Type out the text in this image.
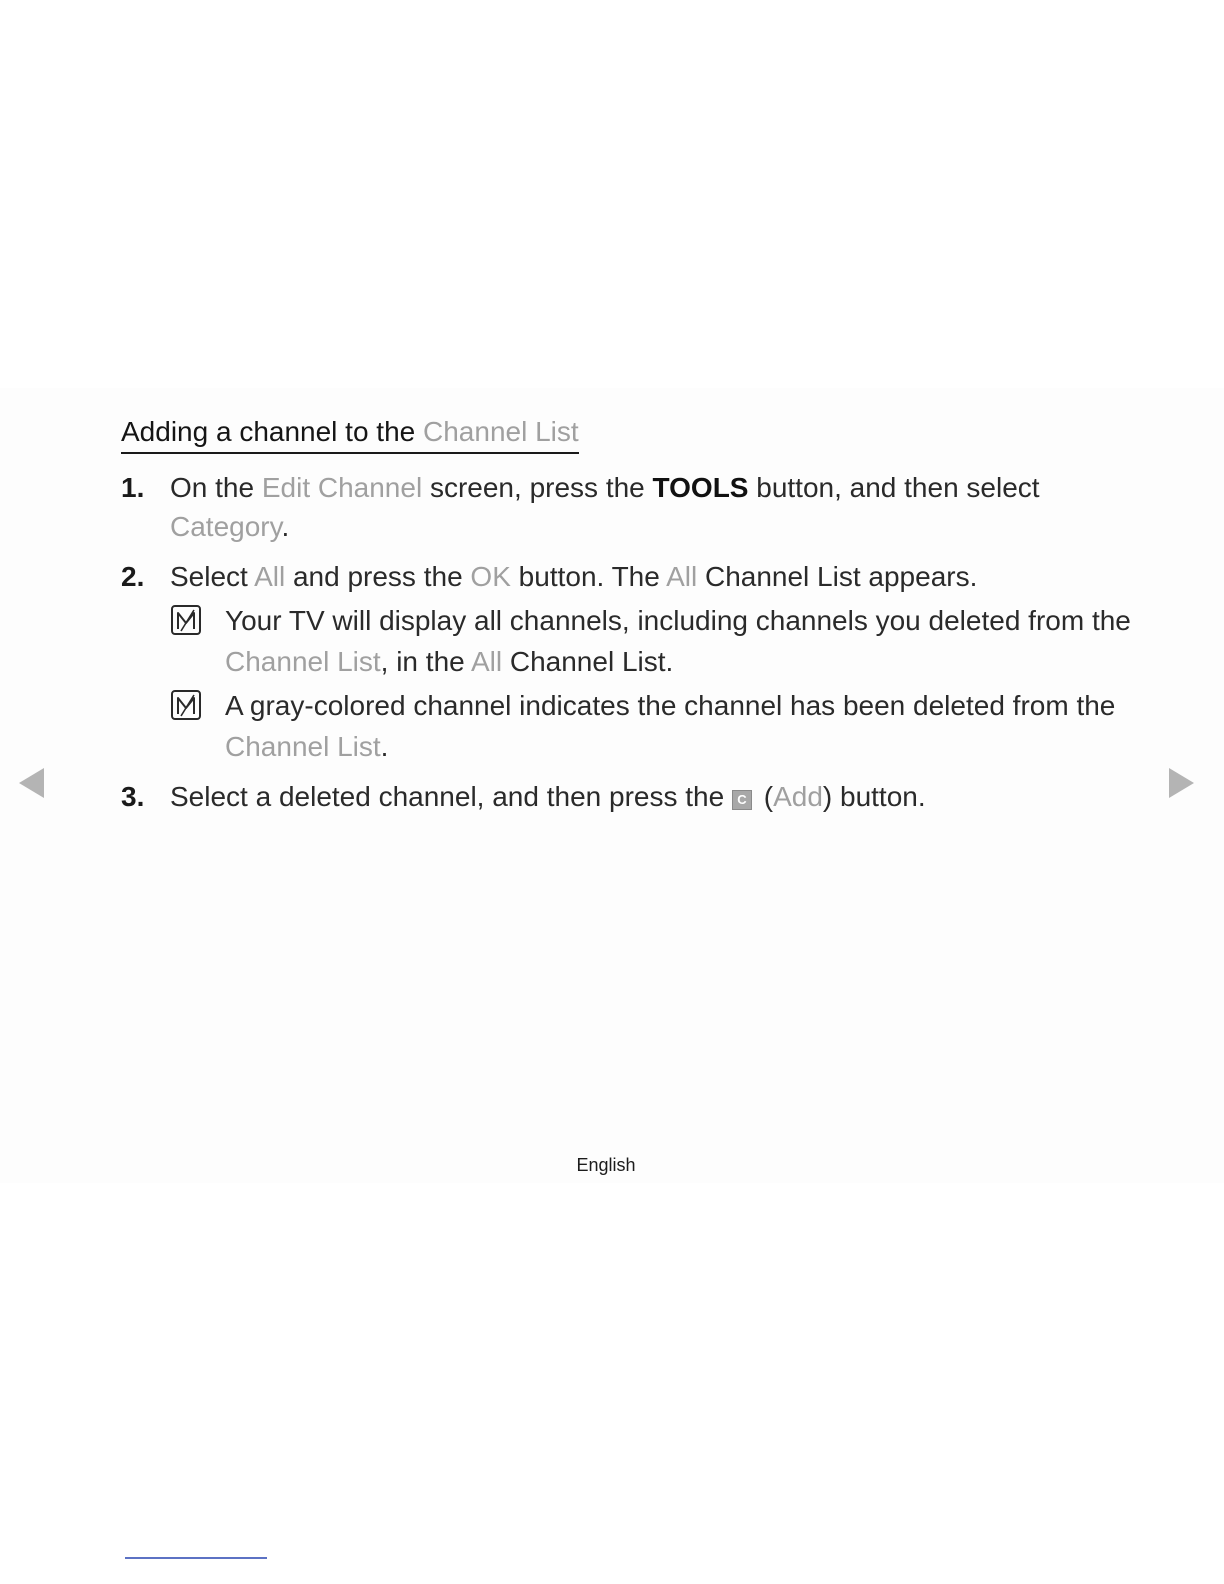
Adding a channel to the Channel List
1. On the Edit Channel screen, press the TOOLS button, and then select
Category.
2. Select All and press the OK button. The All Channel List appears.
Your TV will display all channels, including channels you deleted from the Channel List, in the All Channel List.
A gray-colored channel indicates the channel has been deleted from the Channel List.
3. Select a deleted channel, and then press the C (Add) button.
English
